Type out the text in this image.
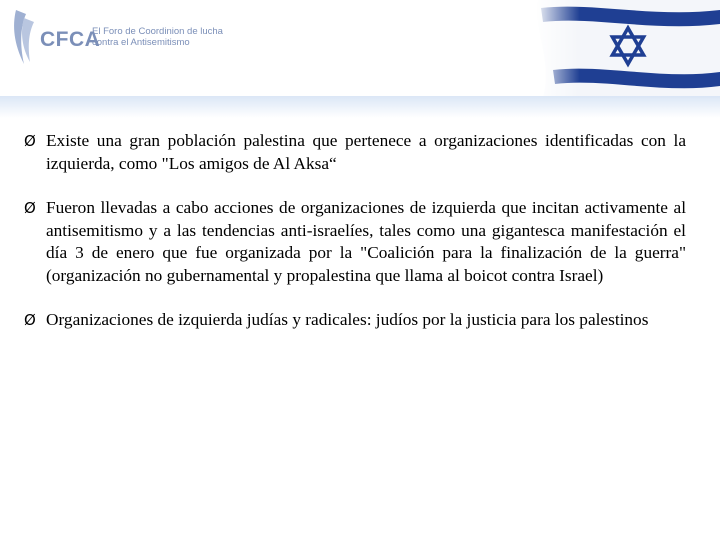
CFCA
El Foro de Coordinion de lucha contra el Antisemitismo
Ø Existe una gran población palestina que pertenece a organizaciones identificadas con la izquierda, como "Los amigos de Al Aksa“
Ø Fueron llevadas a cabo acciones de organizaciones de izquierda que incitan activamente al antisemitismo y a las tendencias anti-israelíes, tales como una gigantesca manifestación el día 3 de enero que fue organizada por la "Coalición para la finalización de la guerra" (organización no gubernamental y propalestina que llama al boicot contra Israel)
Ø Organizaciones de izquierda judías y radicales: judíos por la justicia para los palestinos
